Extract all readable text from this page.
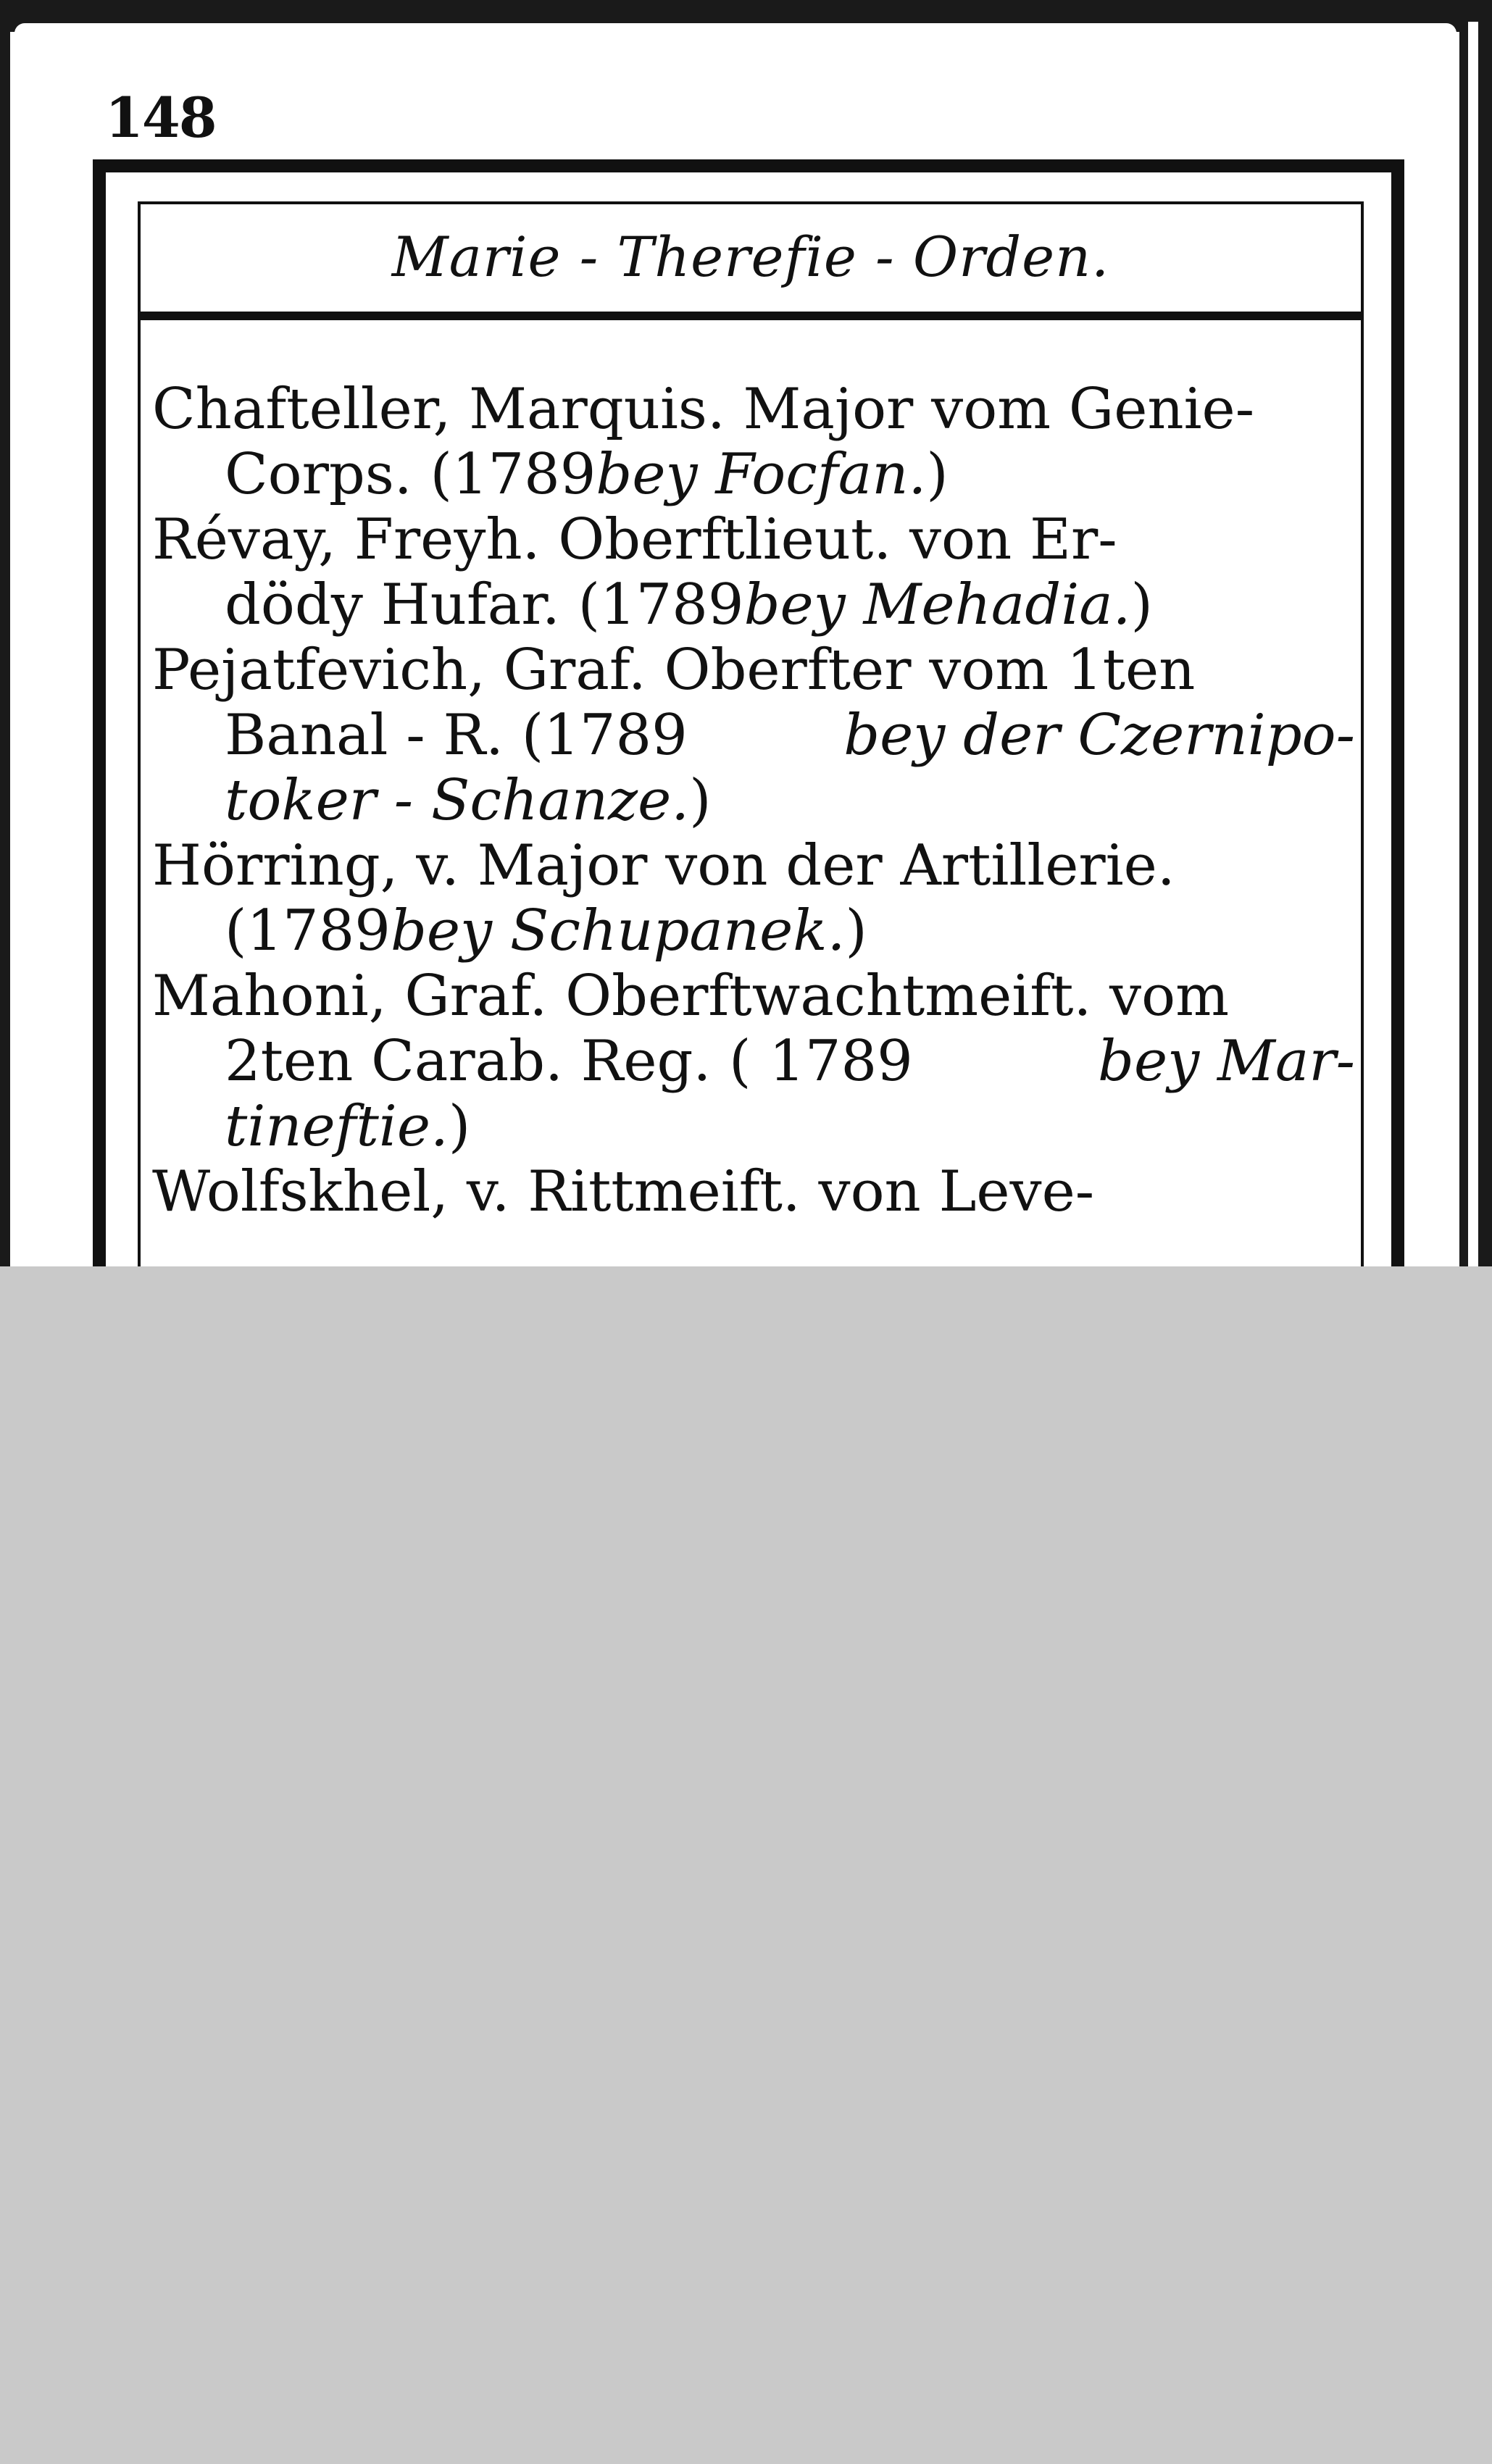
148
Marie - Therefie - Orden.
Chafteller, Marquis. Major vom Genie-
Corps. (1789 bey Focfan. )
Révay, Freyh. Oberftlieut. von Er-
dödy Hufar. (1789 bey Mehadia. )
Pejatfevich, Graf. Oberfter vom 1ten
Banal - R. (1789	bey der Czernipo-
toker - Schanze. )
Hörring, v. Major von der Artillerie.
(1789 bey Schupanek. )
Mahoni, Graf. Oberftwachtmeift. vom
2ten Carab. Reg. ( 1789	bey Mar-
tineftie. )
Wolfskhel, v. Rittmeift. von Leve-
